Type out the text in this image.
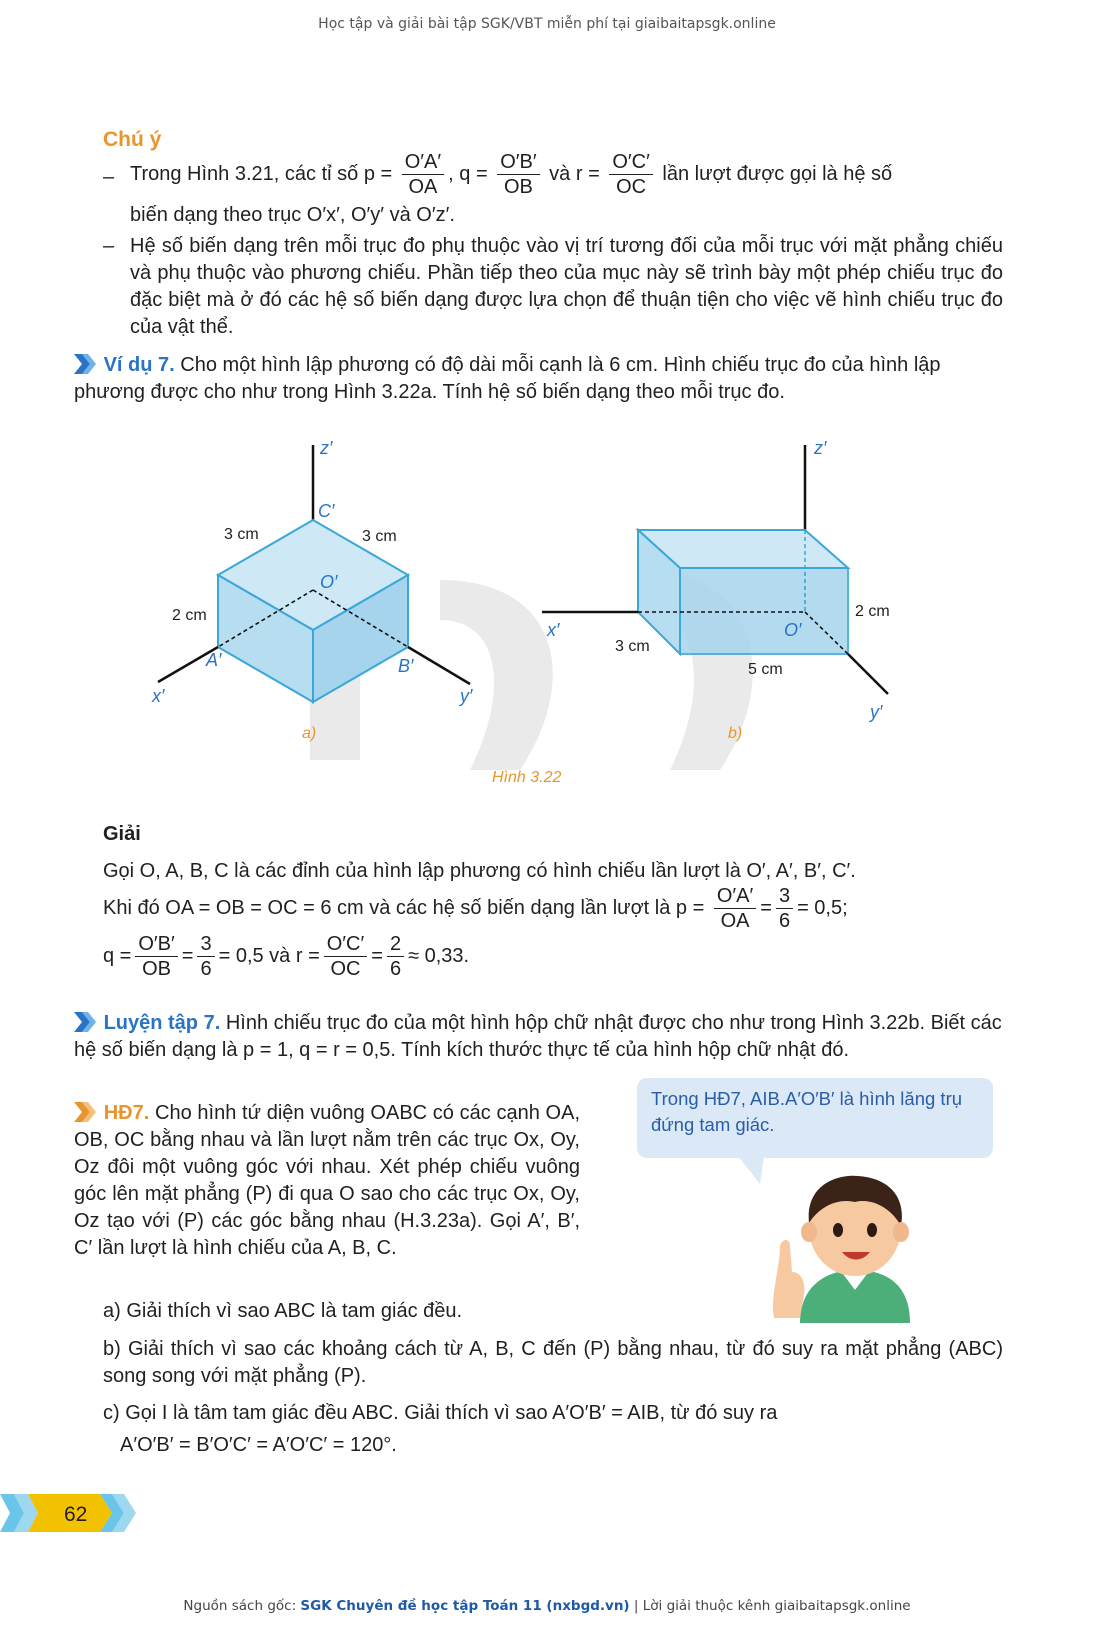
Học tập và giải bài tập SGK/VBT miễn phí tại giaibaitapsgk.online
Chú ý
– Trong Hình 3.21, các tỉ số $p = \frac{O'A'}{OA}$ , $q = \frac{O'B'}{OB}$ và $r = \frac{O'C'}{OC}$ lần lượt được gọi là hệ số
biến dạng theo trục O′x′, O′y′ và O′z′.
– Hệ số biến dạng trên mỗi trục đo phụ thuộc vào vị trí tương đối của mỗi trục với mặt phẳng chiếu và phụ thuộc vào phương chiếu. Phần tiếp theo của mục này sẽ trình bày một phép chiếu trục đo đặc biệt mà ở đó các hệ số biến dạng được lựa chọn để thuận tiện cho việc vẽ hình chiếu trục đo của vật thể.
Ví dụ 7. Cho một hình lập phương có độ dài mỗi cạnh là 6 cm. Hình chiếu trục đo của hình lập phương được cho như trong Hình 3.22a. Tính hệ số biến dạng theo mỗi trục đo.
z′
C′
O′
A′	B′
x′	y′
3 cm	3 cm
2 cm
a)
z′
O′
x′
y′
2 cm
3 cm
5 cm
b)
Hình 3.22
Giải
Gọi O, A, B, C là các đỉnh của hình lập phương có hình chiếu lần lượt là O′, A′, B′, C′.
Khi đó OA = OB = OC = 6 cm và các hệ số biến dạng lần lượt là $p = \frac{O'A'}{OA} = \frac{3}{6} = 0,5$;
$q = \frac{O'B'}{OB} = \frac{3}{6} = 0,5$ và $r = \frac{O'C'}{OC} = \frac{2}{6} \approx 0,33$.
Luyện tập 7. Hình chiếu trục đo của một hình hộp chữ nhật được cho như trong Hình 3.22b. Biết các hệ số biến dạng là p = 1, q = r = 0,5. Tính kích thước thực tế của hình hộp chữ nhật đó.
HĐ7. Cho hình tứ diện vuông OABC có các cạnh OA, OB, OC bằng nhau và lần lượt nằm trên các trục Ox, Oy, Oz đôi một vuông góc với nhau. Xét phép chiếu vuông góc lên mặt phẳng (P) đi qua O sao cho các trục Ox, Oy, Oz tạo với (P) các góc bằng nhau (H.3.23a). Gọi A′, B′, C′ lần lượt là hình chiếu của A, B, C.
Trong HĐ7, AIB.A′O′B′ là hình lăng trụ đứng tam giác.
a) Giải thích vì sao ABC là tam giác đều.
b) Giải thích vì sao các khoảng cách từ A, B, C đến (P) bằng nhau, từ đó suy ra mặt phẳng (ABC) song song với mặt phẳng (P).
c) Gọi I là tâm tam giác đều ABC. Giải thích vì sao A′O′B′ = AIB, từ đó suy ra
A′O′B′ = B′O′C′ = A′O′C′ = 120°.
62
Nguồn sách gốc: SGK Chuyên đề học tập Toán 11 (nxbgd.vn) | Lời giải thuộc kênh giaibaitapsgk.online
